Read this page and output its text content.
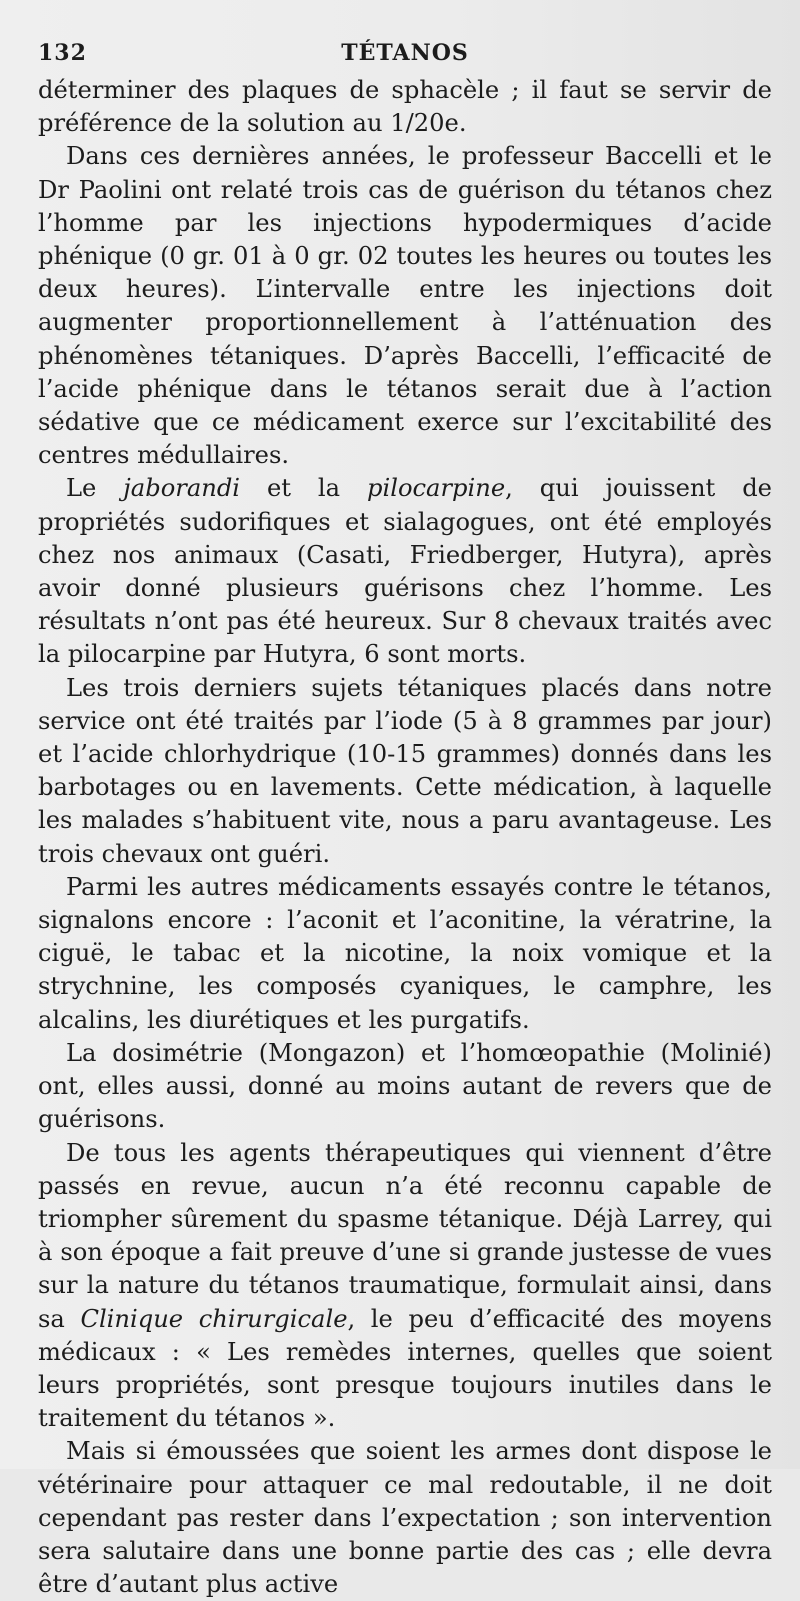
132	TÉTANOS

déterminer des plaques de sphacèle ; il faut se servir de préférence de la solution au 1/20e.

Dans ces dernières années, le professeur Baccelli et le Dr Paolini ont relaté trois cas de guérison du tétanos chez l’homme par les injections hypodermiques d’acide phénique (0 gr. 01 à 0 gr. 02 toutes les heures ou toutes les deux heures). L’intervalle entre les injections doit augmenter proportionnellement à l’atténuation des phénomènes tétaniques. D’après Baccelli, l’efficacité de l’acide phénique dans le tétanos serait due à l’action sédative que ce médicament exerce sur l’excitabilité des centres médullaires.

Le jaborandi et la pilocarpine, qui jouissent de propriétés sudorifiques et sialagogues, ont été employés chez nos animaux (Casati, Friedberger, Hutyra), après avoir donné plusieurs guérisons chez l’homme. Les résultats n’ont pas été heureux. Sur 8 chevaux traités avec la pilocarpine par Hutyra, 6 sont morts.

Les trois derniers sujets tétaniques placés dans notre service ont été traités par l’iode (5 à 8 grammes par jour) et l’acide chlorhydrique (10-15 grammes) donnés dans les barbotages ou en lavements. Cette médication, à laquelle les malades s’habituent vite, nous a paru avantageuse. Les trois chevaux ont guéri.

Parmi les autres médicaments essayés contre le tétanos, signalons encore : l’aconit et l’aconitine, la vératrine, la ciguë, le tabac et la nicotine, la noix vomique et la strychnine, les composés cyaniques, le camphre, les alcalins, les diurétiques et les purgatifs.

La dosimétrie (Mongazon) et l’homœopathie (Molinié) ont, elles aussi, donné au moins autant de revers que de guérisons.

De tous les agents thérapeutiques qui viennent d’être passés en revue, aucun n’a été reconnu capable de triompher sûrement du spasme tétanique. Déjà Larrey, qui à son époque a fait preuve d’une si grande justesse de vues sur la nature du tétanos traumatique, formulait ainsi, dans sa Clinique chirurgicale, le peu d’efficacité des moyens médicaux : « Les remèdes internes, quelles que soient leurs propriétés, sont presque toujours inutiles dans le traitement du tétanos ».

Mais si émoussées que soient les armes dont dispose le vétérinaire pour attaquer ce mal redoutable, il ne doit cependant pas rester dans l’expectation ; son intervention sera salutaire dans une bonne partie des cas ; elle devra être d’autant plus active
